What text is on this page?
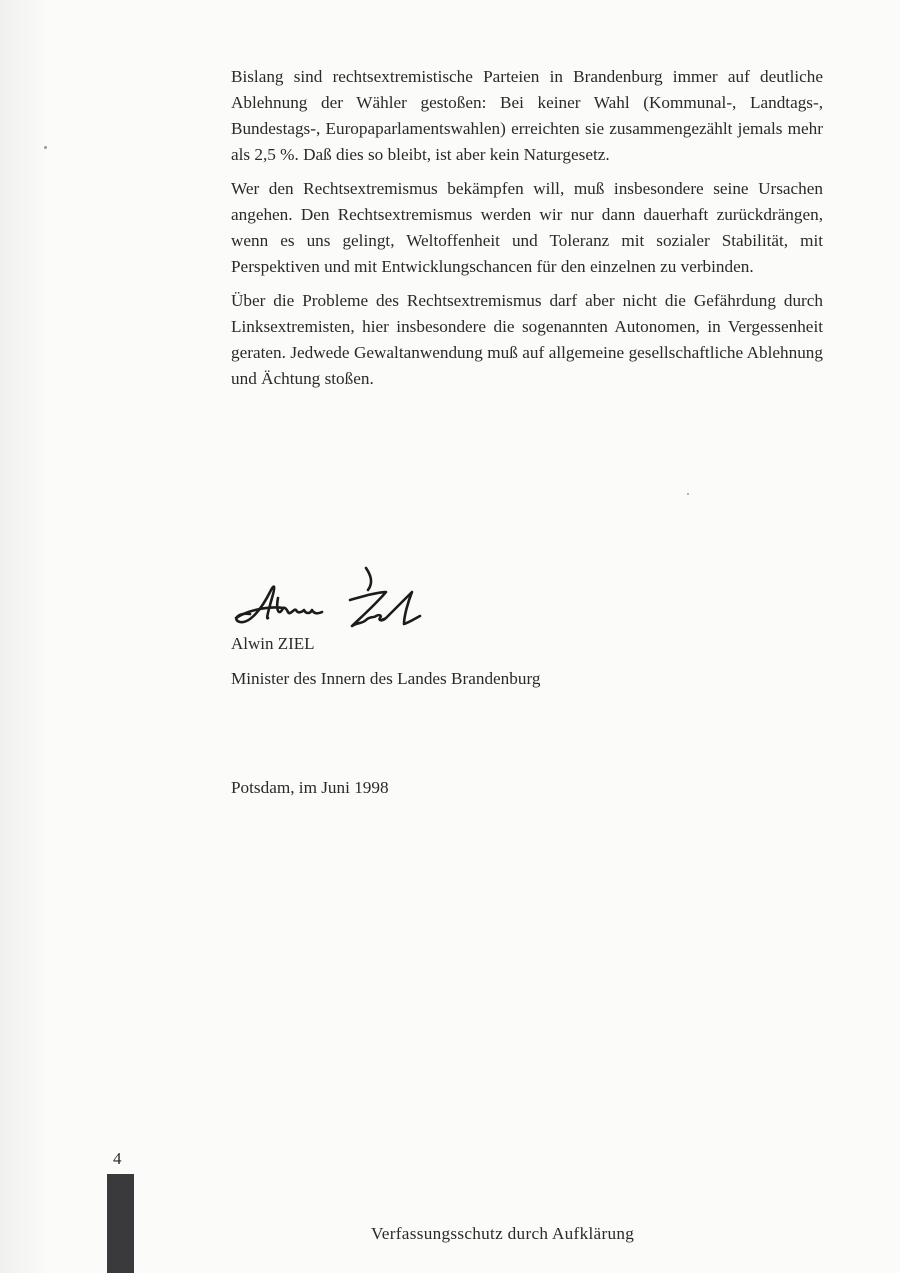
Bislang sind rechtsextremistische Parteien in Brandenburg immer auf deutliche Ablehnung der Wähler gestoßen: Bei keiner Wahl (Kommunal-, Landtags-, Bundestags-, Europaparlamentswahlen) erreichten sie zusammengezählt jemals mehr als 2,5 %. Daß dies so bleibt, ist aber kein Naturgesetz.

Wer den Rechtsextremismus bekämpfen will, muß insbesondere seine Ursachen angehen. Den Rechtsextremismus werden wir nur dann dauerhaft zurückdrängen, wenn es uns gelingt, Weltoffenheit und Toleranz mit sozialer Stabilität, mit Perspektiven und mit Entwicklungschancen für den einzelnen zu verbinden.

Über die Probleme des Rechtsextremismus darf aber nicht die Gefährdung durch Linksextremisten, hier insbesondere die sogenannten Autonomen, in Vergessenheit geraten. Jedwede Gewaltanwendung muß auf allgemeine gesellschaftliche Ablehnung und Ächtung stoßen.

Alwin ZIEL
Minister des Innern des Landes Brandenburg
Potsdam, im Juni 1998
4
Verfassungsschutz durch Aufklärung
